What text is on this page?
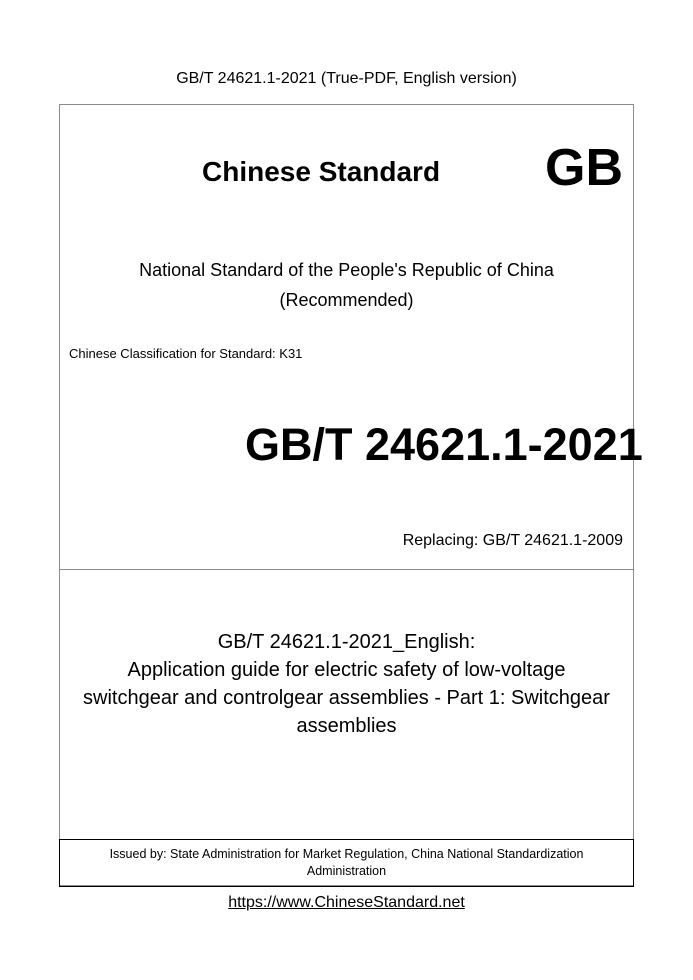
GB/T 24621.1-2021 (True-PDF, English version)
Chinese Standard GB
National Standard of the People's Republic of China
(Recommended)
Chinese Classification for Standard: K31
GB/T 24621.1-2021
Replacing: GB/T 24621.1-2009
GB/T 24621.1-2021_English:
Application guide for electric safety of low-voltage
switchgear and controlgear assemblies - Part 1: Switchgear
assemblies
Issued by: State Administration for Market Regulation, China National Standardization
Administration
https://www.ChineseStandard.net
